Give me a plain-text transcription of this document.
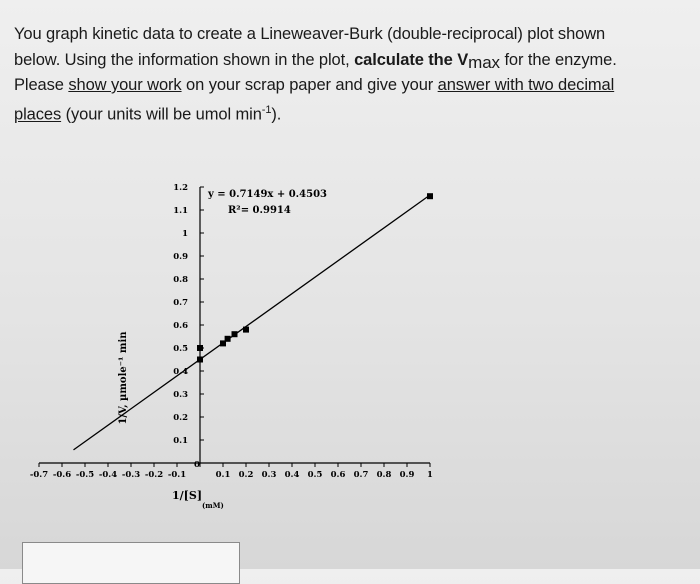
You graph kinetic data to create a Lineweaver-Burk (double-reciprocal) plot shown
below. Using the information shown in the plot, calculate the Vmax for the enzyme.
Please show your work on your scrap paper and give your answer with two decimal
places (your units will be umol $\min^{-1}$).
-0.7 -0.6 -0.5 -0.4 -0.3 -0.2 -0.1
0
0.1 0.2 0.3 0.4 0.5 0.6 0.7 0.8 0.9 1
0.1
0.2
0.3
0.4
0.5
0.6
0.7
0.8
0.9
1
1.1
1.2
y = 0.7149x + 0.4503
R²= 0.9914
1/V, µmole⁻¹ min
1/[S]
(mM)
